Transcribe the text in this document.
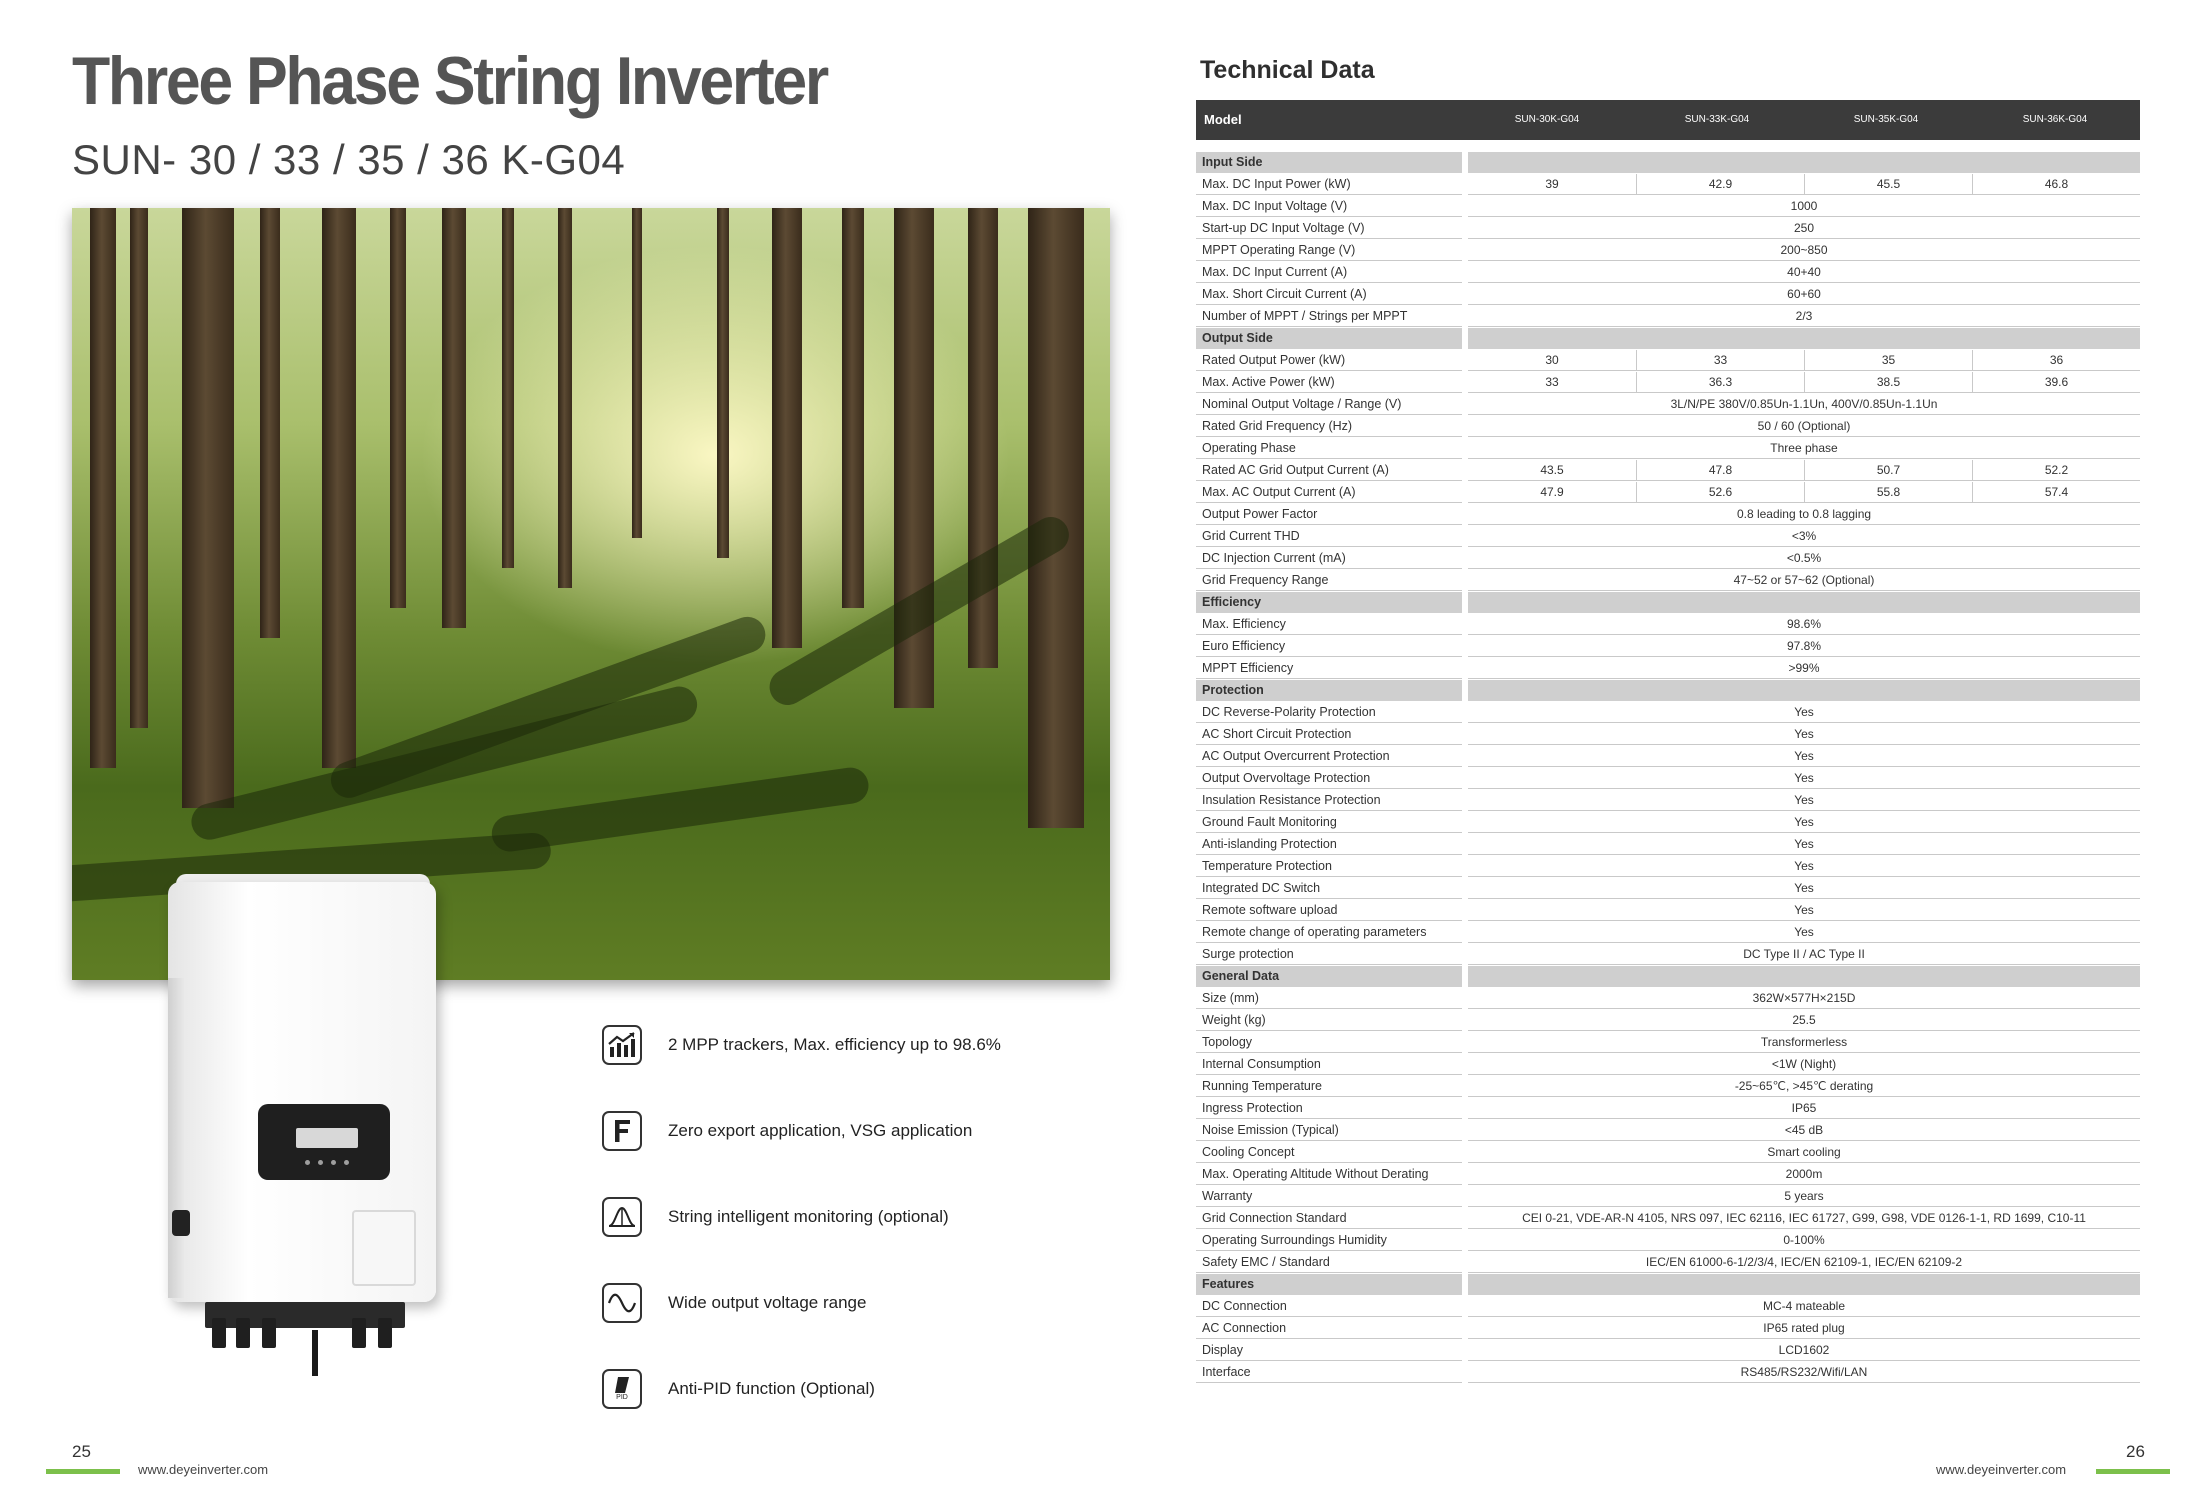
Three Phase String Inverter
SUN- 30 / 33 / 35 / 36 K-G04
2 MPP trackers, Max. efficiency up to 98.6%
Zero export application, VSG application
String intelligent monitoring (optional)
Wide output voltage range
PID Anti-PID function (Optional)
25
www.deyeinverter.com
Technical Data
Model	SUN-30K-G04	SUN-33K-G04	SUN-35K-G04	SUN-36K-G04
Input Side
Max. DC Input Power (kW)	39	42.9	45.5	46.8
Max. DC Input Voltage (V)	1000
Start-up DC Input Voltage (V)	250
MPPT Operating Range (V)	200~850
Max. DC Input Current (A)	40+40
Max. Short Circuit Current (A)	60+60
Number of MPPT / Strings per MPPT	2/3
Output Side
Rated Output Power (kW)	30	33	35	36
Max. Active Power (kW)	33	36.3	38.5	39.6
Nominal Output Voltage / Range (V)	3L/N/PE 380V/0.85Un-1.1Un, 400V/0.85Un-1.1Un
Rated Grid Frequency (Hz)	50 / 60 (Optional)
Operating Phase	Three phase
Rated AC Grid Output Current (A)	43.5	47.8	50.7	52.2
Max. AC Output Current (A)	47.9	52.6	55.8	57.4
Output Power Factor	0.8 leading to 0.8 lagging
Grid Current THD	<3%
DC Injection Current (mA)	<0.5%
Grid Frequency Range	47~52 or 57~62 (Optional)
Efficiency
Max. Efficiency	98.6%
Euro Efficiency	97.8%
MPPT Efficiency	>99%
Protection
DC Reverse-Polarity Protection	Yes
AC Short Circuit Protection	Yes
AC Output Overcurrent Protection	Yes
Output Overvoltage Protection	Yes
Insulation Resistance Protection	Yes
Ground Fault Monitoring	Yes
Anti-islanding Protection	Yes
Temperature Protection	Yes
Integrated DC Switch	Yes
Remote software upload	Yes
Remote change of operating parameters	Yes
Surge protection	DC Type II / AC Type II
General Data
Size (mm)	362W×577H×215D
Weight (kg)	25.5
Topology	Transformerless
Internal Consumption	<1W (Night)
Running Temperature	-25~65℃, >45℃ derating
Ingress Protection	IP65
Noise Emission (Typical)	<45 dB
Cooling Concept	Smart cooling
Max. Operating Altitude Without Derating	2000m
Warranty	5 years
Grid Connection Standard	CEI 0-21, VDE-AR-N 4105, NRS 097, IEC 62116, IEC 61727, G99, G98, VDE 0126-1-1, RD 1699, C10-11
Operating Surroundings Humidity	0-100%
Safety EMC / Standard	IEC/EN 61000-6-1/2/3/4, IEC/EN 62109-1, IEC/EN 62109-2
Features
DC Connection	MC-4 mateable
AC Connection	IP65 rated plug
Display	LCD1602
Interface	RS485/RS232/Wifi/LAN
www.deyeinverter.com
26
